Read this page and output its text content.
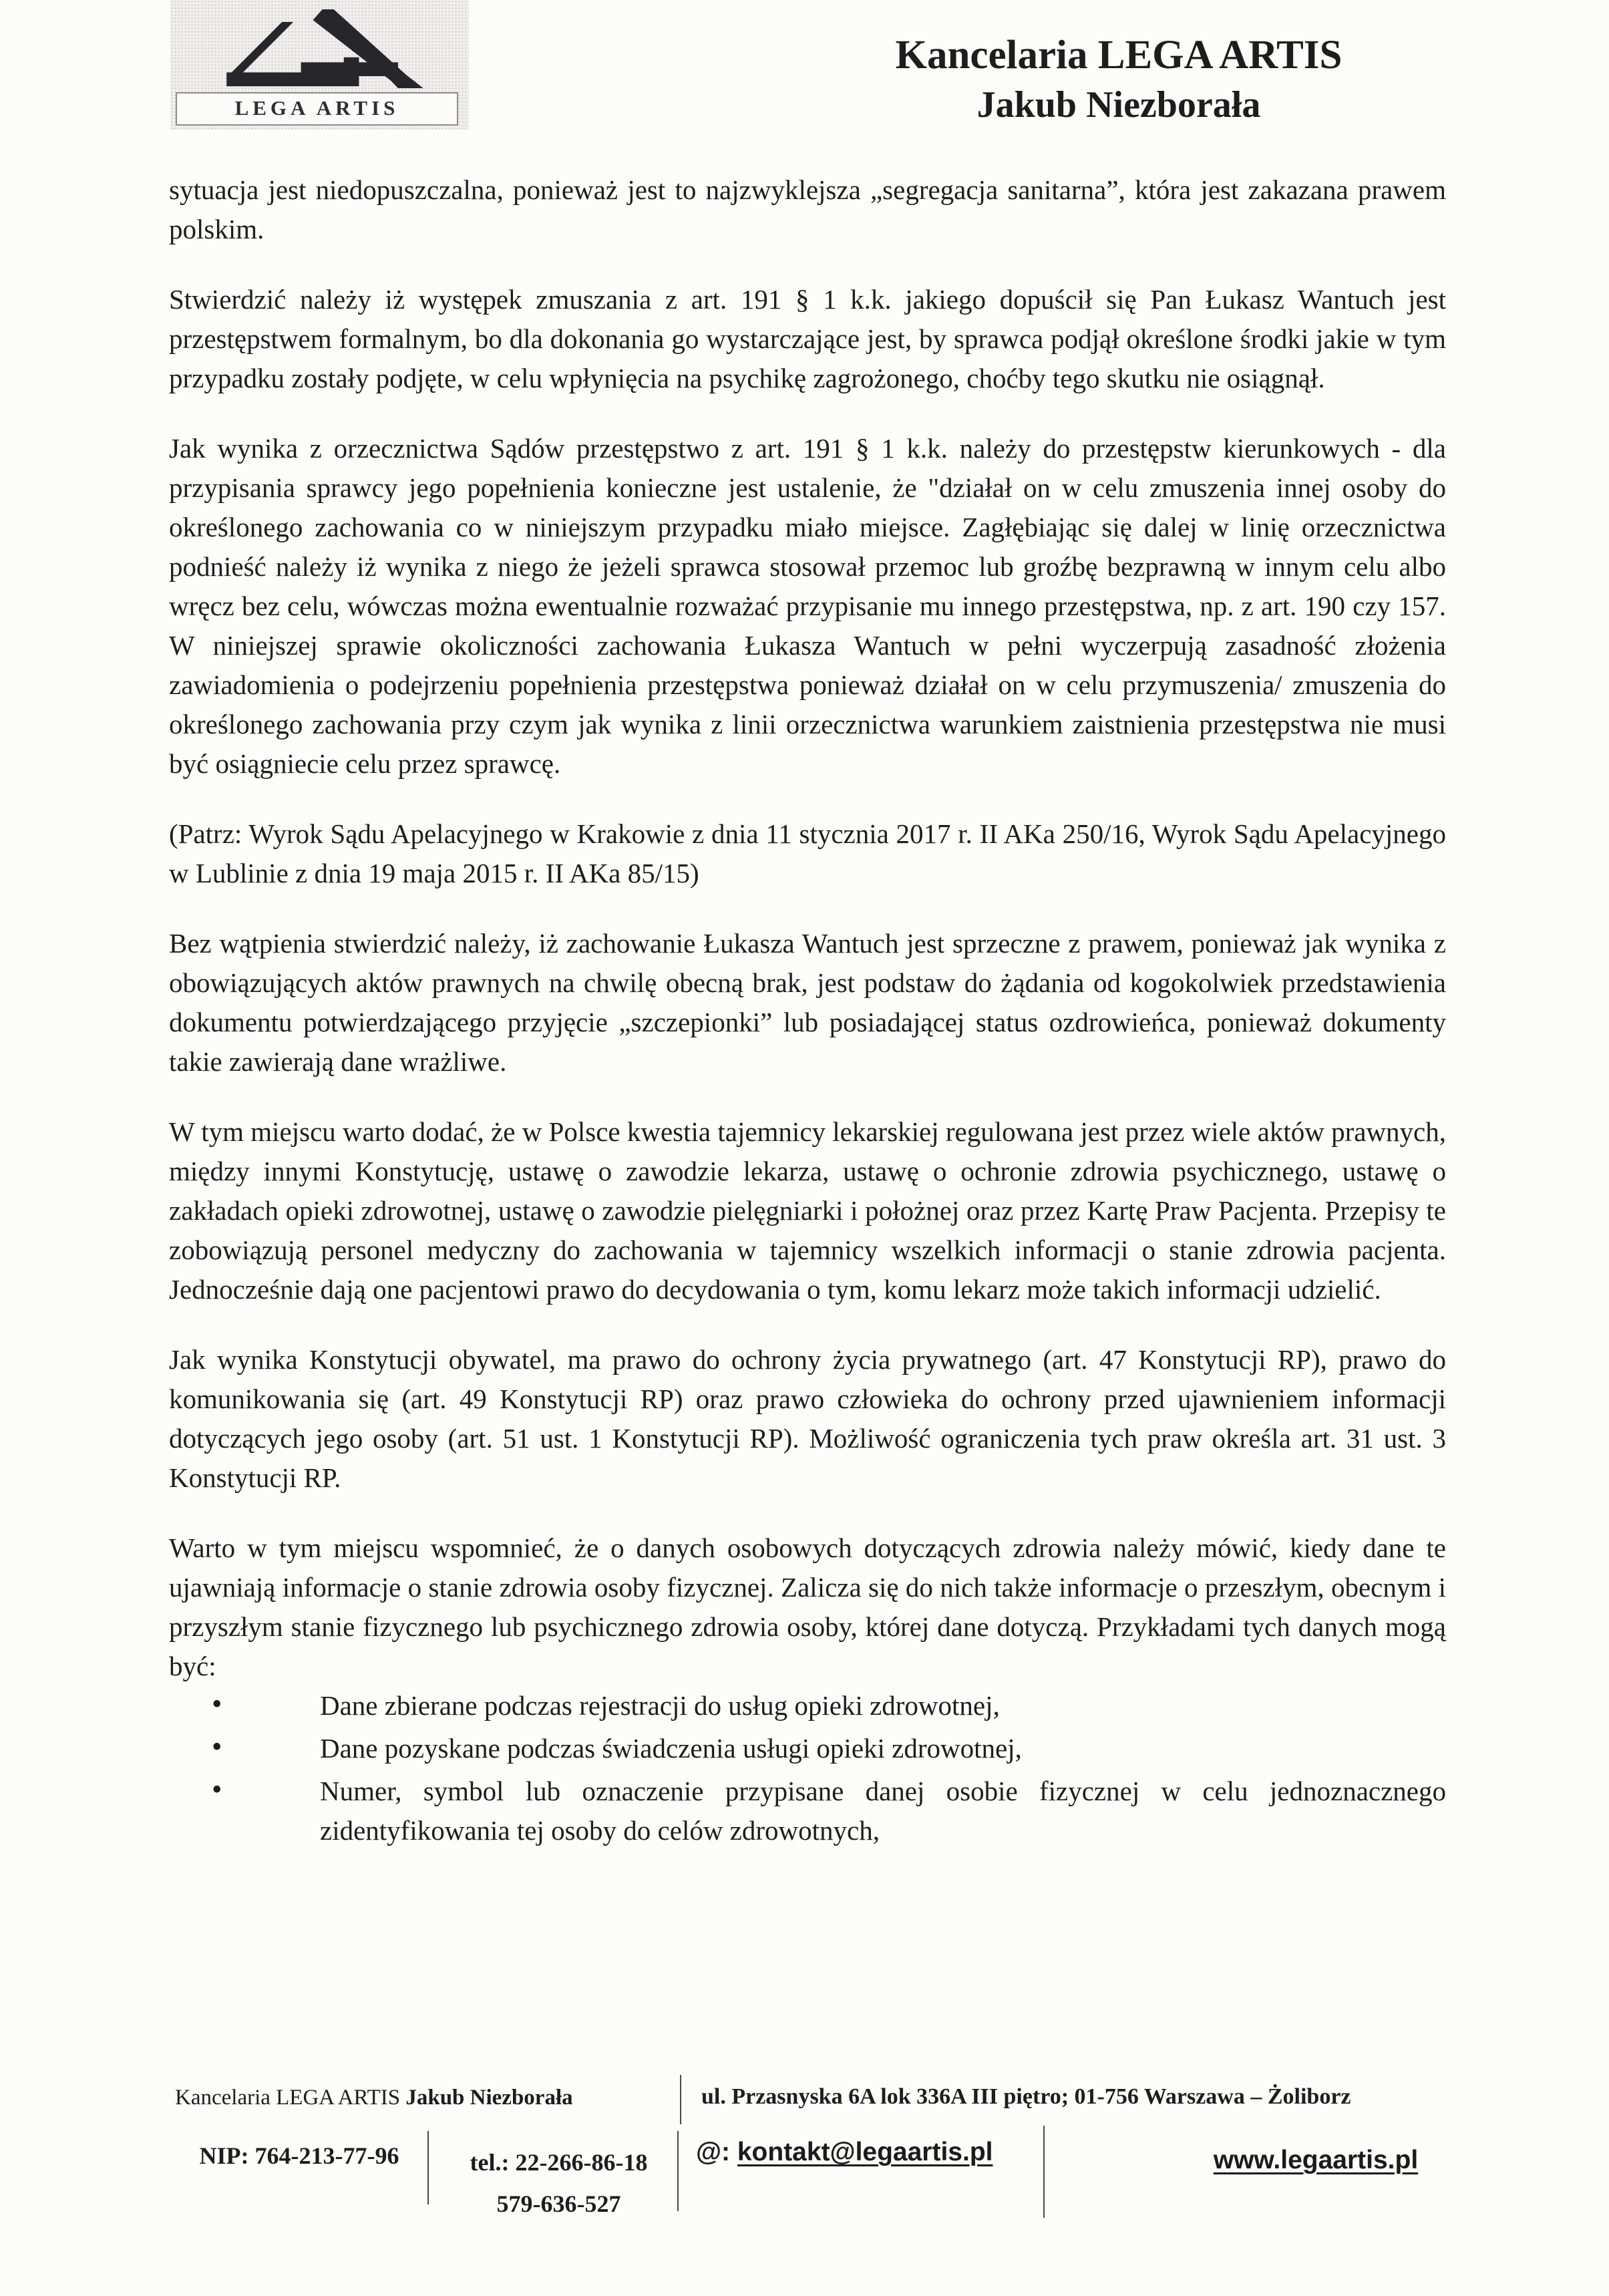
LEGA ARTIS
Kancelaria LEGA ARTIS
Jakub Niezborała

sytuacja jest niedopuszczalna, ponieważ jest to najzwyklejsza „segregacja sanitarna”, która jest zakazana prawem polskim.

Stwierdzić należy iż występek zmuszania z art. 191 § 1 k.k. jakiego dopuścił się Pan Łukasz Wantuch jest przestępstwem formalnym, bo dla dokonania go wystarczające jest, by sprawca podjął określone środki jakie w tym przypadku zostały podjęte, w celu wpłynięcia na psychikę zagrożonego, choćby tego skutku nie osiągnął.

Jak wynika z orzecznictwa Sądów przestępstwo z art. 191 § 1 k.k. należy do przestępstw kierunkowych - dla przypisania sprawcy jego popełnienia konieczne jest ustalenie, że "działał on w celu zmuszenia innej osoby do określonego zachowania co w niniejszym przypadku miało miejsce. Zagłębiając się dalej w linię orzecznictwa podnieść należy iż wynika z niego że jeżeli sprawca stosował przemoc lub groźbę bezprawną w innym celu albo wręcz bez celu, wówczas można ewentualnie rozważać przypisanie mu innego przestępstwa, np. z art. 190 czy 157. W niniejszej sprawie okoliczności zachowania Łukasza Wantuch w pełni wyczerpują zasadność złożenia zawiadomienia o podejrzeniu popełnienia przestępstwa ponieważ działał on w celu przymuszenia/ zmuszenia do określonego zachowania przy czym jak wynika z linii orzecznictwa warunkiem zaistnienia przestępstwa nie musi być osiągniecie celu przez sprawcę.

(Patrz: Wyrok Sądu Apelacyjnego w Krakowie z dnia 11 stycznia 2017 r. II AKa 250/16, Wyrok Sądu Apelacyjnego w Lublinie z dnia 19 maja 2015 r. II AKa 85/15)

Bez wątpienia stwierdzić należy, iż zachowanie Łukasza Wantuch jest sprzeczne z prawem, ponieważ jak wynika z obowiązujących aktów prawnych na chwilę obecną brak, jest podstaw do żądania od kogokolwiek przedstawienia dokumentu potwierdzającego przyjęcie „szczepionki” lub posiadającej status ozdrowieńca, ponieważ dokumenty takie zawierają dane wrażliwe.

W tym miejscu warto dodać, że w Polsce kwestia tajemnicy lekarskiej regulowana jest przez wiele aktów prawnych, między innymi Konstytucję, ustawę o zawodzie lekarza, ustawę o ochronie zdrowia psychicznego, ustawę o zakładach opieki zdrowotnej, ustawę o zawodzie pielęgniarki i położnej oraz przez Kartę Praw Pacjenta. Przepisy te zobowiązują personel medyczny do zachowania w tajemnicy wszelkich informacji o stanie zdrowia pacjenta. Jednocześnie dają one pacjentowi prawo do decydowania o tym, komu lekarz może takich informacji udzielić.

Jak wynika Konstytucji obywatel, ma prawo do ochrony życia prywatnego (art. 47 Konstytucji RP), prawo do komunikowania się (art. 49 Konstytucji RP) oraz prawo człowieka do ochrony przed ujawnieniem informacji dotyczących jego osoby (art. 51 ust. 1 Konstytucji RP). Możliwość ograniczenia tych praw określa art. 31 ust. 3 Konstytucji RP.

Warto w tym miejscu wspomnieć, że o danych osobowych dotyczących zdrowia należy mówić, kiedy dane te ujawniają informacje o stanie zdrowia osoby fizycznej. Zalicza się do nich także informacje o przeszłym, obecnym i przyszłym stanie fizycznego lub psychicznego zdrowia osoby, której dane dotyczą. Przykładami tych danych mogą być:

•	Dane zbierane podczas rejestracji do usług opieki zdrowotnej,
•	Dane pozyskane podczas świadczenia usługi opieki zdrowotnej,
•	Numer, symbol lub oznaczenie przypisane danej osobie fizycznej w celu jednoznacznego zidentyfikowania tej osoby do celów zdrowotnych,
Kancelaria LEGA ARTIS Jakub Niezborała	ul. Przasnyska 6A lok 336A III piętro; 01-756 Warszawa – Żoliborz
NIP: 764-213-77-96	tel.: 22-266-86-18
579-636-527
@: kontakt@legaartis.pl	www.legaartis.pl
